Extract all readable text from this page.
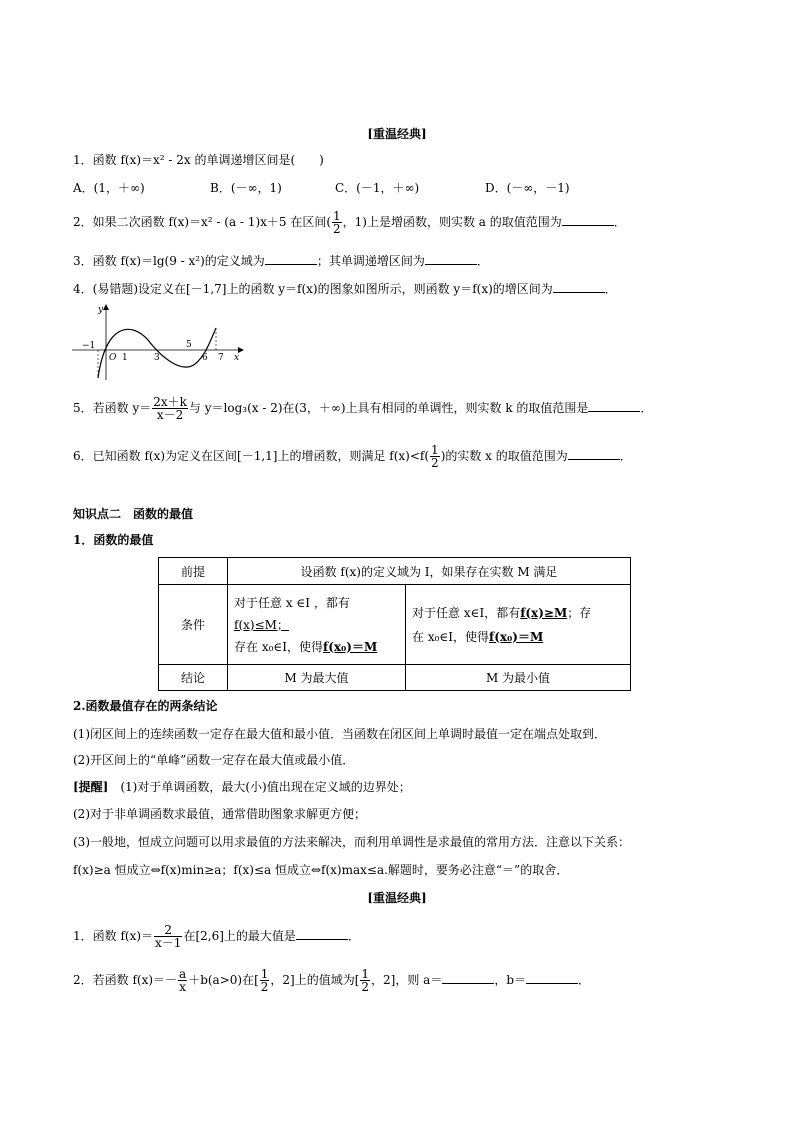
[重温经典]
1．函数 f(x)＝x² - 2x 的单调递增区间是(　　)
A．(1，＋∞)	B．(－∞，1)	C．(－1，＋∞)	D．(－∞，－1)
2．如果二次函数 f(x)＝x² - (a - 1)x＋5 在区间( $\frac{1}{2}$ ，1)上是增函数，则实数 a 的取值范围为	．
3．函数 f(x)＝lg(9 - x²)的定义域为	；其单调递增区间为	．
4．(易错题)设定义在[－1,7]上的函数 y＝f(x)的图象如图所示，则函数 y＝f(x)的增区间为	．
y
x
−1
O 1	3
5
6 7
5．若函数 $y= \frac{2x+k}{x-2}$ 与 y＝log₃(x - 2)在(3，＋∞)上具有相同的单调性，则实数 k 的取值范围是	．
6．已知函数 f(x)为定义在区间[－1,1]上的增函数，则满足 $f(x)<f( \frac{1}{2}$ )的实数 x 的取值范围为	．
知识点二　函数的最值
1．函数的最值
前提	设函数 f(x)的定义域为 I，如果存在实数 M 满足	
条件	对于任意 x ∈I ，都有
f(x)≤M；
存在 x₀∈I，使得f(x₀)＝M	对于任意 x∈I，都有f(x)≥M；存
在 x₀∈I，使得f(x₀)＝M
结论	M 为最大值	M 为最小值
2.函数最值存在的两条结论
(1)闭区间上的连续函数一定存在最大值和最小值．当函数在闭区间上单调时最值一定在端点处取到．
(2)开区间上的“单峰”函数一定存在最大值或最小值．
[提醒]　(1)对于单调函数，最大(小)值出现在定义域的边界处；
(2)对于非单调函数求最值，通常借助图象求解更方便；
(3)一般地，恒成立问题可以用求最值的方法来解决，而利用单调性是求最值的常用方法．注意以下关系：
f(x)≥a 恒成立⇔f(x)min≥a；f(x)≤a 恒成立⇔f(x)max≤a.解题时，要务必注意“＝”的取舍．
[重温经典]
1．函数 $f(x)= \frac{2}{x-1}$ 在[2,6]上的最大值是	．
2．若函数 $f(x)=- \frac{a}{x} +b(a>0)$在[ $\frac{1}{2}$ ，2]上的值域为[ $\frac{1}{2}$ ，2]，则 a＝	，b＝	．
